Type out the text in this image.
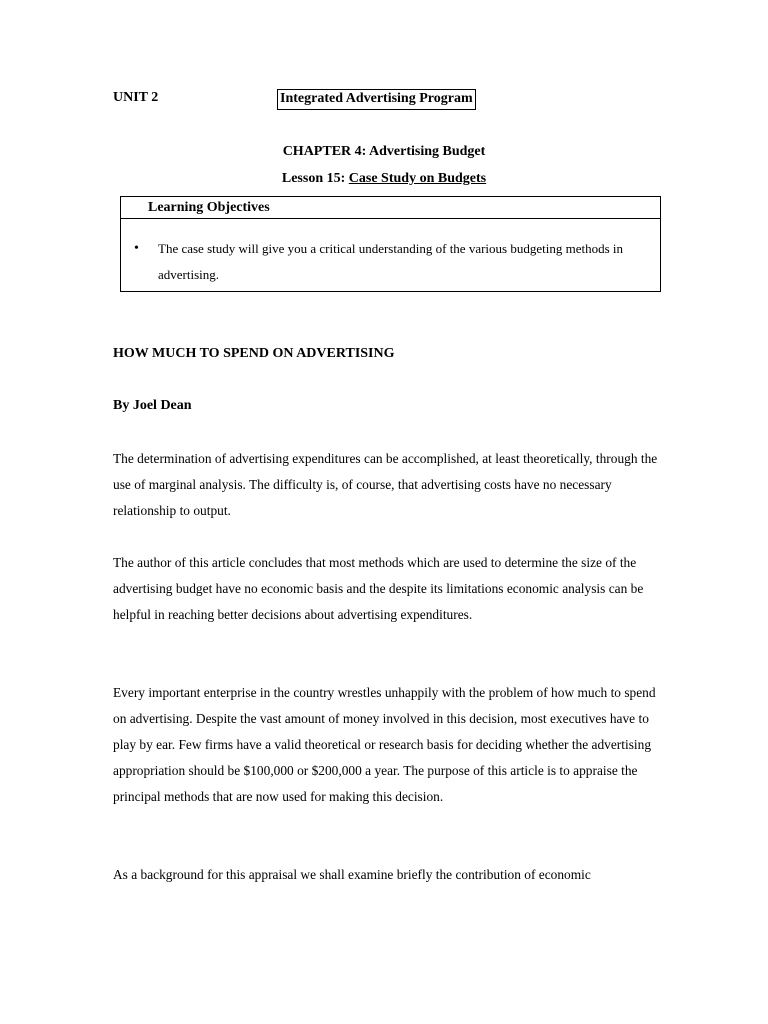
UNIT 2	Integrated Advertising Program
CHAPTER 4: Advertising Budget
Lesson 15: Case Study on Budgets
Learning Objectives
• The case study will give you a critical understanding of the various budgeting methods in advertising.
HOW MUCH TO SPEND ON ADVERTISING
By Joel Dean

The determination of advertising expenditures can be accomplished, at least theoretically, through the use of marginal analysis. The difficulty is, of course, that advertising costs have no necessary relationship to output.

The author of this article concludes that most methods which are used to determine the size of the advertising budget have no economic basis and the despite its limitations economic analysis can be helpful in reaching better decisions about advertising expenditures.

Every important enterprise in the country wrestles unhappily with the problem of how much to spend on advertising. Despite the vast amount of money involved in this decision, most executives have to play by ear. Few firms have a valid theoretical or research basis for deciding whether the advertising appropriation should be $100,000 or $200,000 a year. The purpose of this article is to appraise the principal methods that are now used for making this decision.

As a background for this appraisal we shall examine briefly the contribution of economic
